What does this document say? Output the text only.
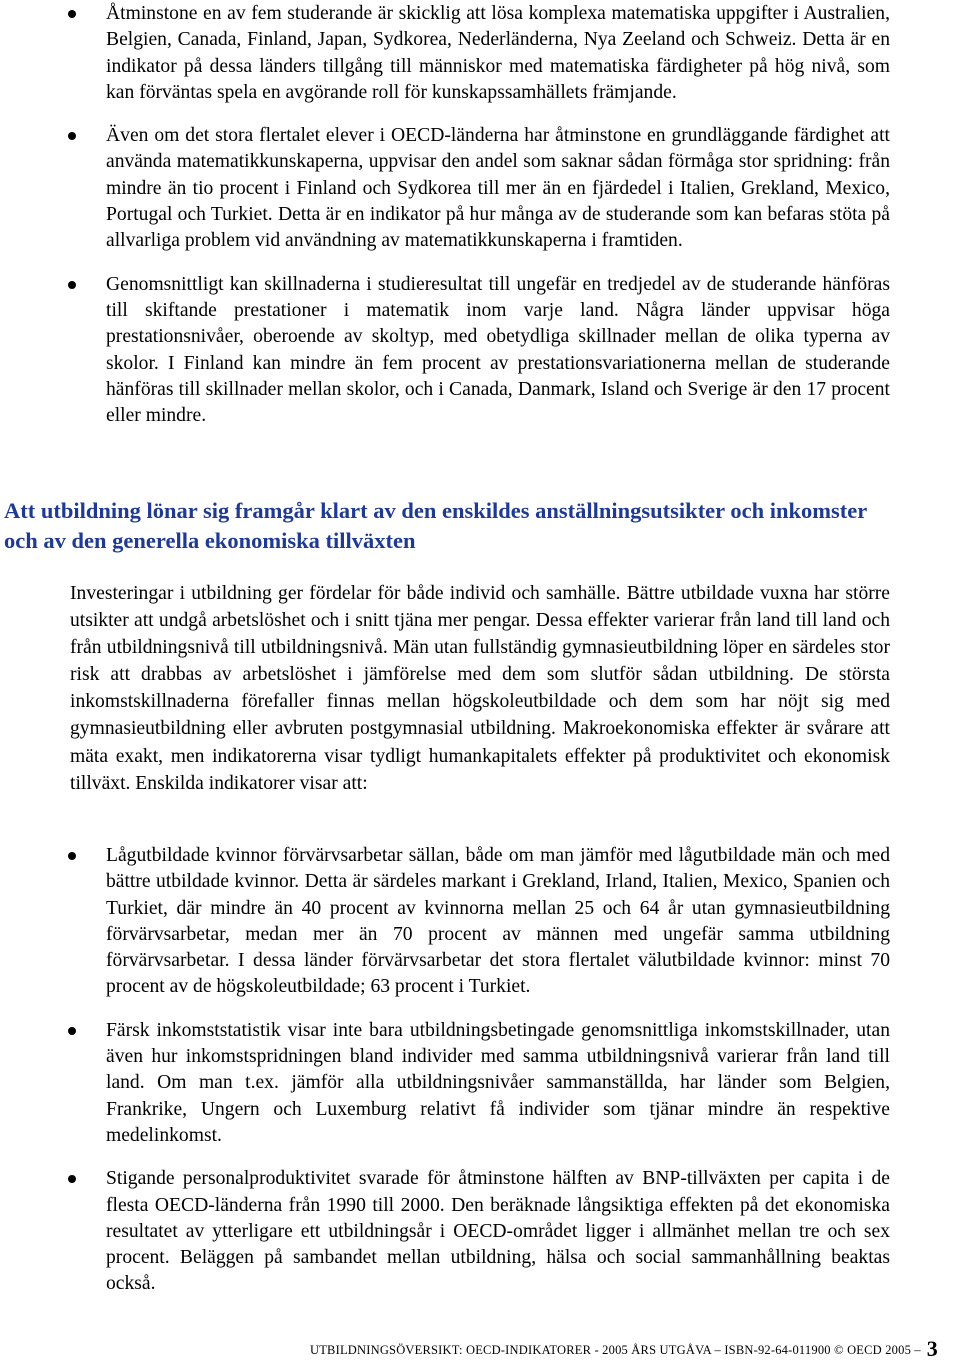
Åtminstone en av fem studerande är skicklig att lösa komplexa matematiska uppgifter i Australien, Belgien, Canada, Finland, Japan, Sydkorea, Nederländerna, Nya Zeeland och Schweiz. Detta är en indikator på dessa länders tillgång till människor med matematiska färdigheter på hög nivå, som kan förväntas spela en avgörande roll för kunskapssamhällets främjande.
Även om det stora flertalet elever i OECD-länderna har åtminstone en grundläggande färdighet att använda matematikkunskaperna, uppvisar den andel som saknar sådan förmåga stor spridning: från mindre än tio procent i Finland och Sydkorea till mer än en fjärdedel i Italien, Grekland, Mexico, Portugal och Turkiet. Detta är en indikator på hur många av de studerande som kan befaras stöta på allvarliga problem vid användning av matematikkunskaperna i framtiden.
Genomsnittligt kan skillnaderna i studieresultat till ungefär en tredjedel av de studerande hänföras till skiftande prestationer i matematik inom varje land. Några länder uppvisar höga prestationsnivåer, oberoende av skoltyp, med obetydliga skillnader mellan de olika typerna av skolor. I Finland kan mindre än fem procent av prestationsvariationerna mellan de studerande hänföras till skillnader mellan skolor, och i Canada, Danmark, Island och Sverige är den 17 procent eller mindre.
Att utbildning lönar sig framgår klart av den enskildes anställningsutsikter och inkomster och av den generella ekonomiska tillväxten

Investeringar i utbildning ger fördelar för både individ och samhälle. Bättre utbildade vuxna har större utsikter att undgå arbetslöshet och i snitt tjäna mer pengar. Dessa effekter varierar från land till land och från utbildningsnivå till utbildningsnivå. Män utan fullständig gymnasieutbildning löper en särdeles stor risk att drabbas av arbetslöshet i jämförelse med dem som slutför sådan utbildning. De största inkomstskillnaderna förefaller finnas mellan högskoleutbildade och dem som har nöjt sig med gymnasieutbildning eller avbruten postgymnasial utbildning. Makroekonomiska effekter är svårare att mäta exakt, men indikatorerna visar tydligt humankapitalets effekter på produktivitet och ekonomisk tillväxt. Enskilda indikatorer visar att:

Lågutbildade kvinnor förvärvsarbetar sällan, både om man jämför med lågutbildade män och med bättre utbildade kvinnor. Detta är särdeles markant i Grekland, Irland, Italien, Mexico, Spanien och Turkiet, där mindre än 40 procent av kvinnorna mellan 25 och 64 år utan gymnasieutbildning förvärvsarbetar, medan mer än 70 procent av männen med ungefär samma utbildning förvärvsarbetar. I dessa länder förvärvsarbetar det stora flertalet välutbildade kvinnor: minst 70 procent av de högskoleutbildade; 63 procent i Turkiet.
Färsk inkomststatistik visar inte bara utbildningsbetingade genomsnittliga inkomstskillnader, utan även hur inkomstspridningen bland individer med samma utbildningsnivå varierar från land till land. Om man t.ex. jämför alla utbildningsnivåer sammanställda, har länder som Belgien, Frankrike, Ungern och Luxemburg relativt få individer som tjänar mindre än respektive medelinkomst.
Stigande personalproduktivitet svarade för åtminstone hälften av BNP-tillväxten per capita i de flesta OECD-länderna från 1990 till 2000. Den beräknade långsiktiga effekten på det ekonomiska resultatet av ytterligare ett utbildningsår i OECD-området ligger i allmänhet mellan tre och sex procent. Beläggen på sambandet mellan utbildning, hälsa och social sammanhållning beaktas också.
UTBILDNINGSÖVERSIKT: OECD-INDIKATORER - 2005 ÅRS UTGÅVA – ISBN-92-64-011900 © OECD 2005 – 3
